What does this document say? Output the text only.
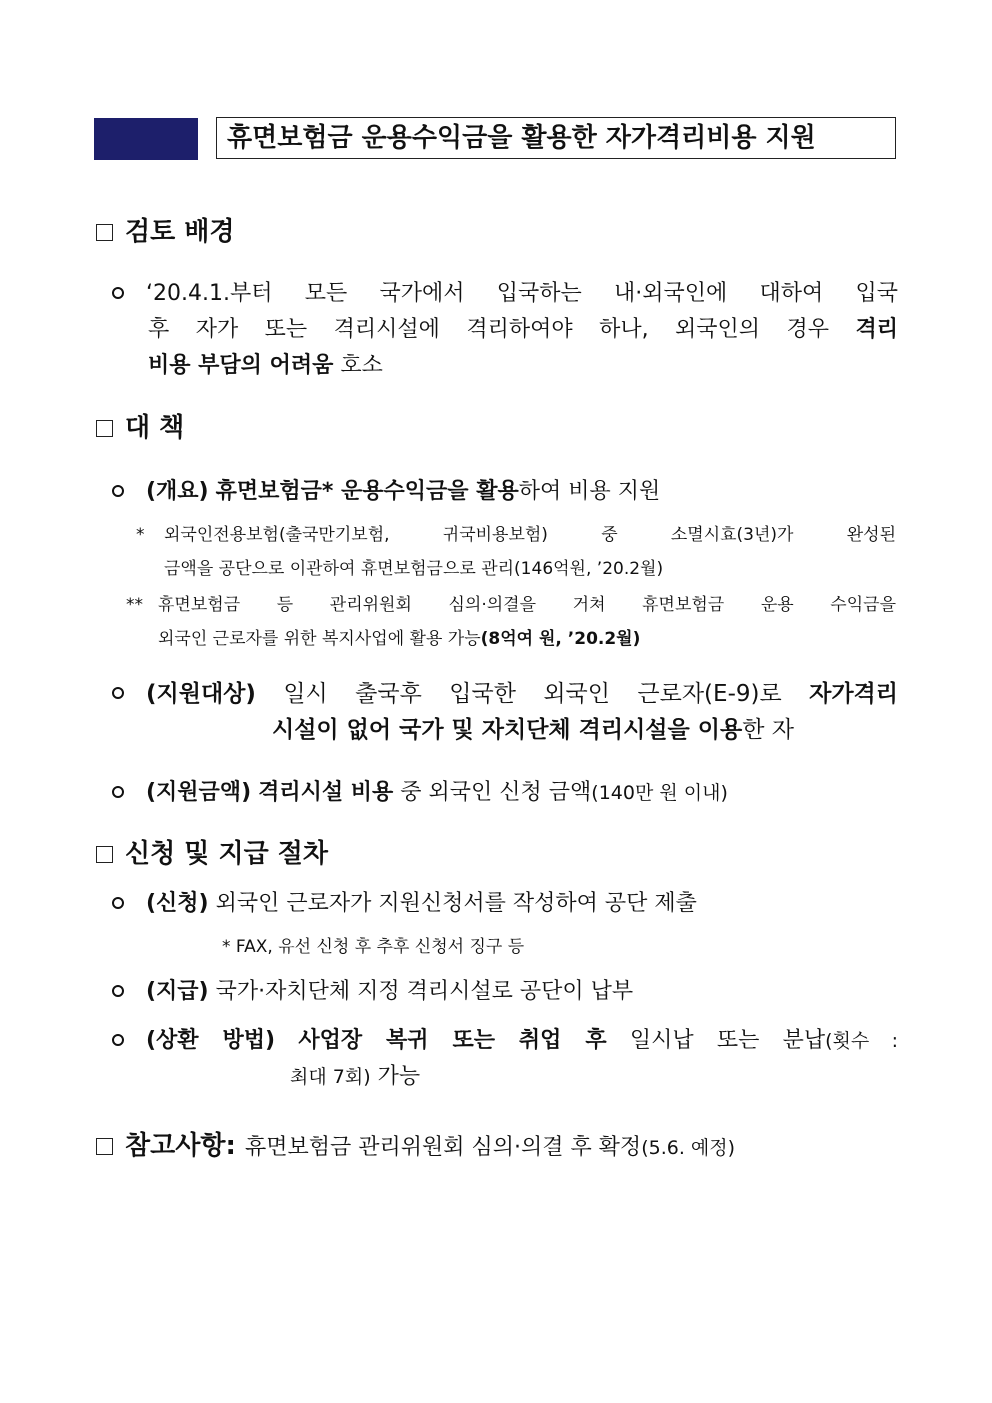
휴면보험금 운용수익금을 활용한 자가격리비용 지원
검토 배경
‘20.4.1.부터 모든 국가에서 입국하는 내·외국인에 대하여 입국
후 자가 또는 격리시설에 격리하여야 하나, 외국인의 경우 격리
비용 부담의 어려움 호소
대 책
(개요) 휴면보험금* 운용수익금을 활용하여 비용 지원
* 외국인전용보험(출국만기보험, 귀국비용보험) 중 소멸시효(3년)가 완성된
금액을 공단으로 이관하여 휴면보험금으로 관리(146억원, ’20.2월)
** 휴면보험금 등 관리위원회 심의·의결을 거쳐 휴면보험금 운용 수익금을
외국인 근로자를 위한 복지사업에 활용 가능(8억여 원, ’20.2월)
(지원대상) 일시 출국후 입국한 외국인 근로자(E-9)로 자가격리
시설이 없어 국가 및 자치단체 격리시설을 이용한 자
(지원금액) 격리시설 비용 중 외국인 신청 금액(140만 원 이내)
신청 및 지급 절차
(신청) 외국인 근로자가 지원신청서를 작성하여 공단 제출
* FAX, 유선 신청 후 추후 신청서 징구 등
(지급) 국가·자치단체 지정 격리시설로 공단이 납부
(상환 방법) 사업장 복귀 또는 취업 후 일시납 또는 분납(횟수 :
최대 7회) 가능
참고사항: 휴면보험금 관리위원회 심의·의결 후 확정(5.6. 예정)
